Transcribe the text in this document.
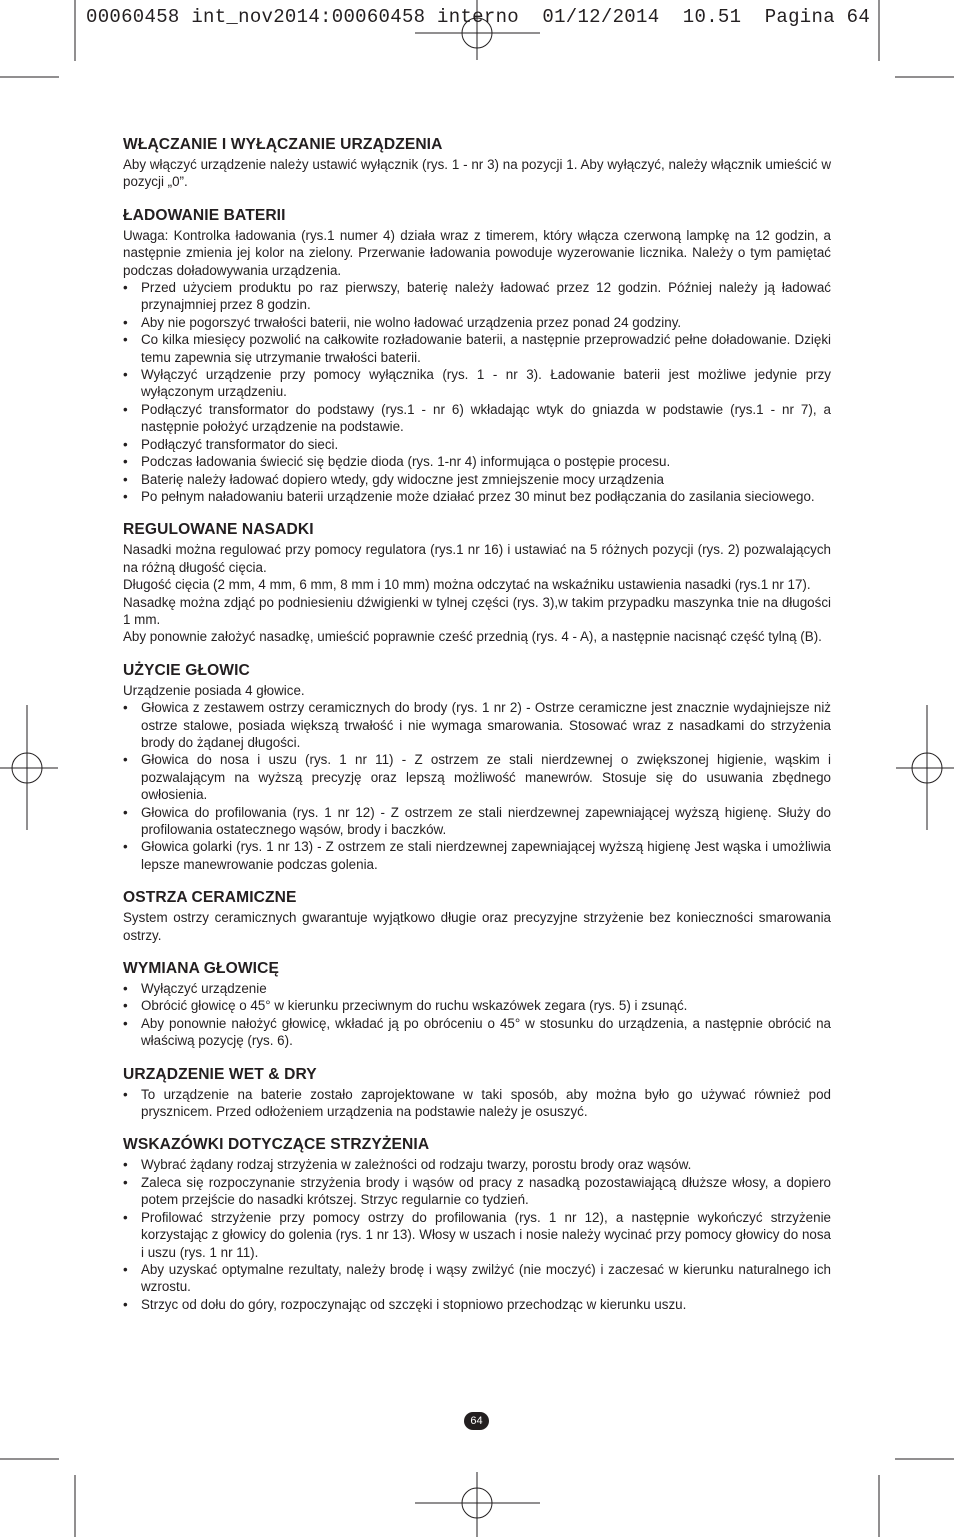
00060458 int_nov2014:00060458 interno  01/12/2014  10.51  Pagina 64
WŁĄCZANIE I WYŁĄCZANIE URZĄDZENIA

Aby włączyć urządzenie należy ustawić wyłącznik (rys. 1 - nr 3) na pozycji 1. Aby wyłączyć, należy włącznik umieścić w pozycji „0”.

ŁADOWANIE BATERII

Uwaga: Kontrolka ładowania (rys.1 numer 4) działa wraz z timerem, który włącza czerwoną lampkę na 12 godzin, a następnie zmienia jej kolor na zielony. Przerwanie ładowania powoduje wyzerowanie licznika. Należy o tym pamiętać podczas doładowywania urządzenia.

• Przed użyciem produktu po raz pierwszy, baterię należy ładować przez 12 godzin. Później należy ją ładować przynajmniej przez 8 godzin.
• Aby nie pogorszyć trwałości baterii, nie wolno ładować urządzenia przez ponad 24 godziny.
• Co kilka miesięcy pozwolić na całkowite rozładowanie baterii, a następnie przeprowadzić pełne doładowanie. Dzięki temu zapewnia się utrzymanie trwałości baterii.
• Wyłączyć urządzenie przy pomocy wyłącznika (rys. 1 - nr 3). Ładowanie baterii jest możliwe jedynie przy wyłączonym urządzeniu.
• Podłączyć transformator do podstawy (rys.1 - nr 6) wkładając wtyk do gniazda w podstawie (rys.1 - nr 7), a następnie położyć urządzenie na podstawie.
• Podłączyć transformator do sieci.
• Podczas ładowania świecić się będzie dioda (rys. 1-nr 4) informująca o postępie procesu.
• Baterię należy ładować dopiero wtedy, gdy widoczne jest zmniejszenie mocy urządzenia
• Po pełnym naładowaniu baterii urządzenie może działać przez 30 minut bez podłączania do zasilania sieciowego.
REGULOWANE NASADKI

Nasadki można regulować przy pomocy regulatora (rys.1 nr 16) i ustawiać na 5 różnych pozycji (rys. 2) pozwalających na różną długość cięcia.

Długość cięcia (2 mm, 4 mm, 6 mm, 8 mm i 10 mm) można odczytać na wskaźniku ustawienia nasadki (rys.1 nr 17).

Nasadkę można zdjąć po podniesieniu dźwigienki w tylnej części (rys. 3),w takim przypadku maszynka tnie na długości 1 mm.

Aby ponownie założyć nasadkę, umieścić poprawnie cześć przednią (rys. 4 - A), a następnie nacisnąć część tylną (B).

UŻYCIE GŁOWIC

Urządzenie posiada 4 głowice.

• Głowica z zestawem ostrzy ceramicznych do brody (rys. 1 nr 2) - Ostrze ceramiczne jest znacznie wydajniejsze niż ostrze stalowe, posiada większą trwałość i nie wymaga smarowania. Stosować wraz z nasadkami do strzyżenia brody do żądanej długości.
• Głowica do nosa i uszu (rys. 1 nr 11) - Z ostrzem ze stali nierdzewnej o zwiększonej higienie, wąskim i pozwalającym na wyższą precyzję oraz lepszą możliwość manewrów. Stosuje się do usuwania zbędnego owłosienia.
• Głowica do profilowania (rys. 1 nr 12) - Z ostrzem ze stali nierdzewnej zapewniającej wyższą higienę. Służy do profilowania ostatecznego wąsów, brody i baczków.
• Głowica golarki (rys. 1 nr 13) - Z ostrzem ze stali nierdzewnej zapewniającej wyższą higienę Jest wąska i umożliwia lepsze manewrowanie podczas golenia.
OSTRZA CERAMICZNE

System ostrzy ceramicznych gwarantuje wyjątkowo długie oraz precyzyjne strzyżenie bez konieczności smarowania ostrzy.

WYMIANA GŁOWICĘ
• Wyłączyć urządzenie
• Obrócić głowicę o 45° w kierunku przeciwnym do ruchu wskazówek zegara (rys. 5) i zsunąć.
• Aby ponownie nałożyć głowicę, wkładać ją po obróceniu o 45° w stosunku do urządzenia, a następnie obrócić na właściwą pozycję (rys. 6).
URZĄDZENIE WET & DRY
• To urządzenie na baterie zostało zaprojektowane w taki sposób, aby można było go używać również pod prysznicem. Przed odłożeniem urządzenia na podstawie należy je osuszyć.
WSKAZÓWKI DOTYCZĄCE STRZYŻENIA
• Wybrać żądany rodzaj strzyżenia w zależności od rodzaju twarzy, porostu brody oraz wąsów.
• Zaleca się rozpoczynanie strzyżenia brody i wąsów od pracy z nasadką pozostawiającą dłuższe włosy, a dopiero potem przejście do nasadki krótszej. Strzyc regularnie co tydzień.
• Profilować strzyżenie przy pomocy ostrzy do profilowania (rys. 1 nr 12), a następnie wykończyć strzyżenie korzystając z głowicy do golenia (rys. 1 nr 13). Włosy w uszach i nosie należy wycinać przy pomocy głowicy do nosa i uszu (rys. 1 nr 11).
• Aby uzyskać optymalne rezultaty, należy brodę i wąsy zwilżyć (nie moczyć) i zaczesać w kierunku naturalnego ich wzrostu.
• Strzyc od dołu do góry, rozpoczynając od szczęki i stopniowo przechodząc w kierunku uszu.
64
